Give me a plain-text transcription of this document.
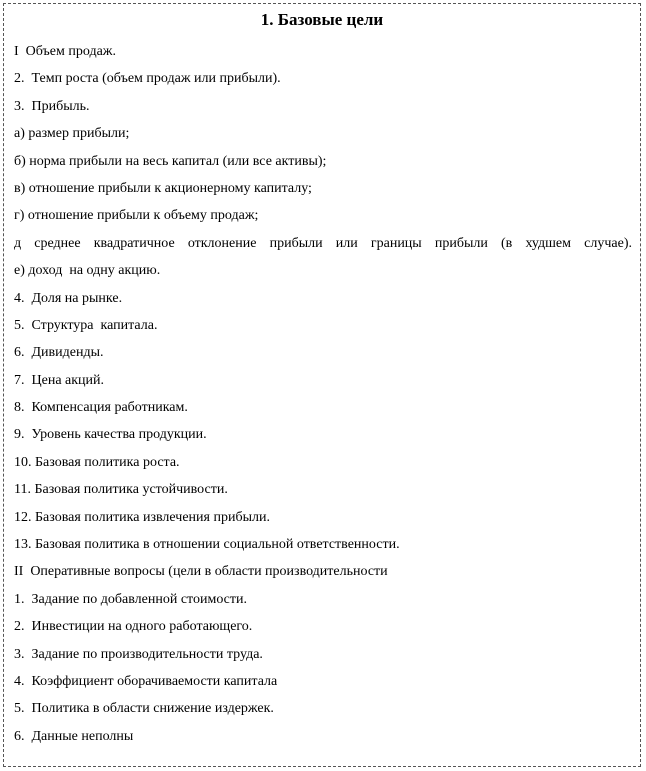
1. Базовые цели
I  Объем продаж.
2.  Темп роста (объем продаж или прибыли).
3.  Прибыль.
а) размер прибыли;
б) норма прибыли на весь капитал (или все активы);
в) отношение прибыли к акционерному капиталу;
г) отношение прибыли к объему продаж;
д среднее квадратичное отклонение прибыли или границы прибыли (в худшем случае).
е) доход  на одну акцию.
4.  Доля на рынке.
5.  Структура  капитала.
6.  Дивиденды.
7.  Цена акций.
8.  Компенсация работникам.
9.  Уровень качества продукции.
10. Базовая политика роста.
11. Базовая политика устойчивости.
12. Базовая политика извлечения прибыли.
13. Базовая политика в отношении социальной ответственности.
II  Оперативные вопросы (цели в области производительности
1.  Задание по добавленной стоимости.
2.  Инвестиции на одного работающего.
3.  Задание по производительности труда.
4.  Коэффициент оборачиваемости капитала
5.  Политика в области снижение издержек.
6.  Данные неполны
